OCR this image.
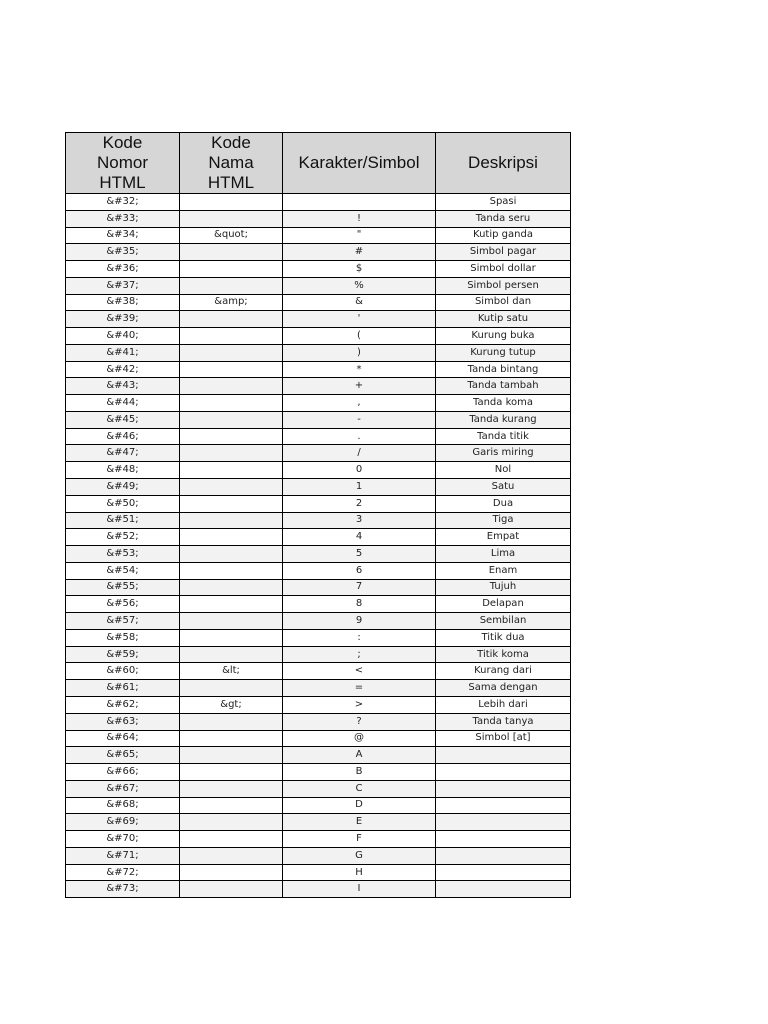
Kode
Nomor
HTML	Kode
Nama
HTML	Karakter/Simbol	Deskripsi
&#32;			Spasi
&#33;		!	Tanda seru
&#34;	&quot;	"	Kutip ganda
&#35;		#	Simbol pagar
&#36;		$	Simbol dollar
&#37;		%	Simbol persen
&#38;	&amp;	&	Simbol dan
&#39;		'	Kutip satu
&#40;		(	Kurung buka
&#41;		)	Kurung tutup
&#42;		*	Tanda bintang
&#43;		+	Tanda tambah
&#44;		,	Tanda koma
&#45;		-	Tanda kurang
&#46;		.	Tanda titik
&#47;		/	Garis miring
&#48;		0	Nol
&#49;		1	Satu
&#50;		2	Dua
&#51;		3	Tiga
&#52;		4	Empat
&#53;		5	Lima
&#54;		6	Enam
&#55;		7	Tujuh
&#56;		8	Delapan
&#57;		9	Sembilan
&#58;		:	Titik dua
&#59;		;	Titik koma
&#60;	&lt;	<	Kurang dari
&#61;		=	Sama dengan
&#62;	&gt;	>	Lebih dari
&#63;		?	Tanda tanya
&#64;		@	Simbol [at]
&#65;		A	
&#66;		B	
&#67;		C	
&#68;		D	
&#69;		E	
&#70;		F	
&#71;		G	
&#72;		H	
&#73;		I	
